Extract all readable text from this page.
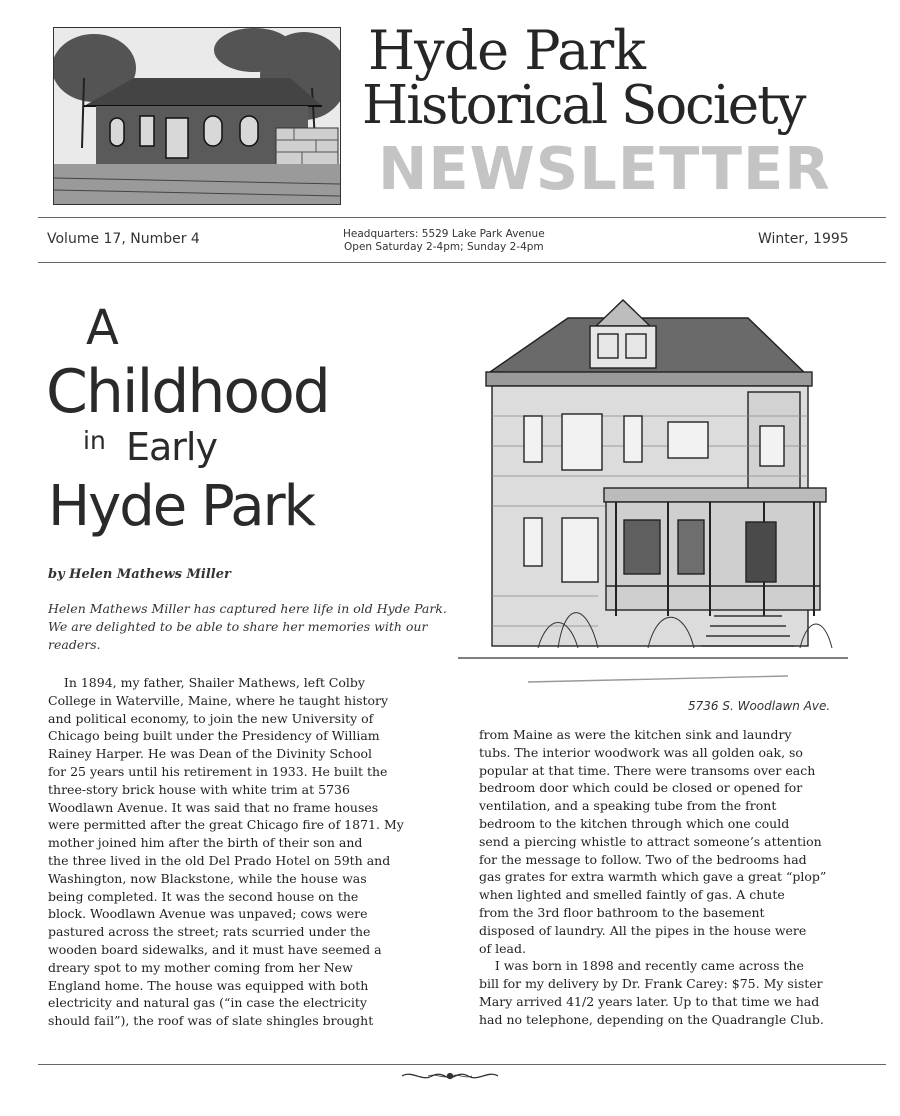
Hyde Park
Historical Society
NEWSLETTER
Volume 17, Number 4	Headquarters: 5529 Lake Park Avenue
Open Saturday 2-4pm; Sunday 2-4pm	Winter, 1995
A
Childhood
in Early
Hyde Park
by Helen Mathews Miller
Helen Mathews Miller has captured here life in old Hyde Park.
We are delighted to be able to share her memories with our
readers.
In 1894, my father, Shailer Mathews, left Colby
College in Waterville, Maine, where he taught history
and political economy, to join the new University of
Chicago being built under the Presidency of William
Rainey Harper. He was Dean of the Divinity School
for 25 years until his retirement in 1933. He built the
three-story brick house with white trim at 5736
Woodlawn Avenue. It was said that no frame houses
were permitted after the great Chicago fire of 1871. My
mother joined him after the birth of their son and
the three lived in the old Del Prado Hotel on 59th and
Washington, now Blackstone, while the house was
being completed. It was the second house on the
block. Woodlawn Avenue was unpaved; cows were
pastured across the street; rats scurried under the
wooden board sidewalks, and it must have seemed a
dreary spot to my mother coming from her New
England home. The house was equipped with both
electricity and natural gas (“in case the electricity
should fail”), the roof was of slate shingles brought
from Maine as were the kitchen sink and laundry
tubs. The interior woodwork was all golden oak, so
popular at that time. There were transoms over each
bedroom door which could be closed or opened for
ventilation, and a speaking tube from the front
bedroom to the kitchen through which one could
send a piercing whistle to attract someone’s attention
for the message to follow. Two of the bedrooms had
gas grates for extra warmth which gave a great “plop”
when lighted and smelled faintly of gas. A chute
from the 3rd floor bathroom to the basement
disposed of laundry. All the pipes in the house were
of lead.
I was born in 1898 and recently came across the
bill for my delivery by Dr. Frank Carey: $75. My sister
Mary arrived 41/2 years later. Up to that time we had
had no telephone, depending on the Quadrangle Club.
5736 S. Woodlawn Ave.
